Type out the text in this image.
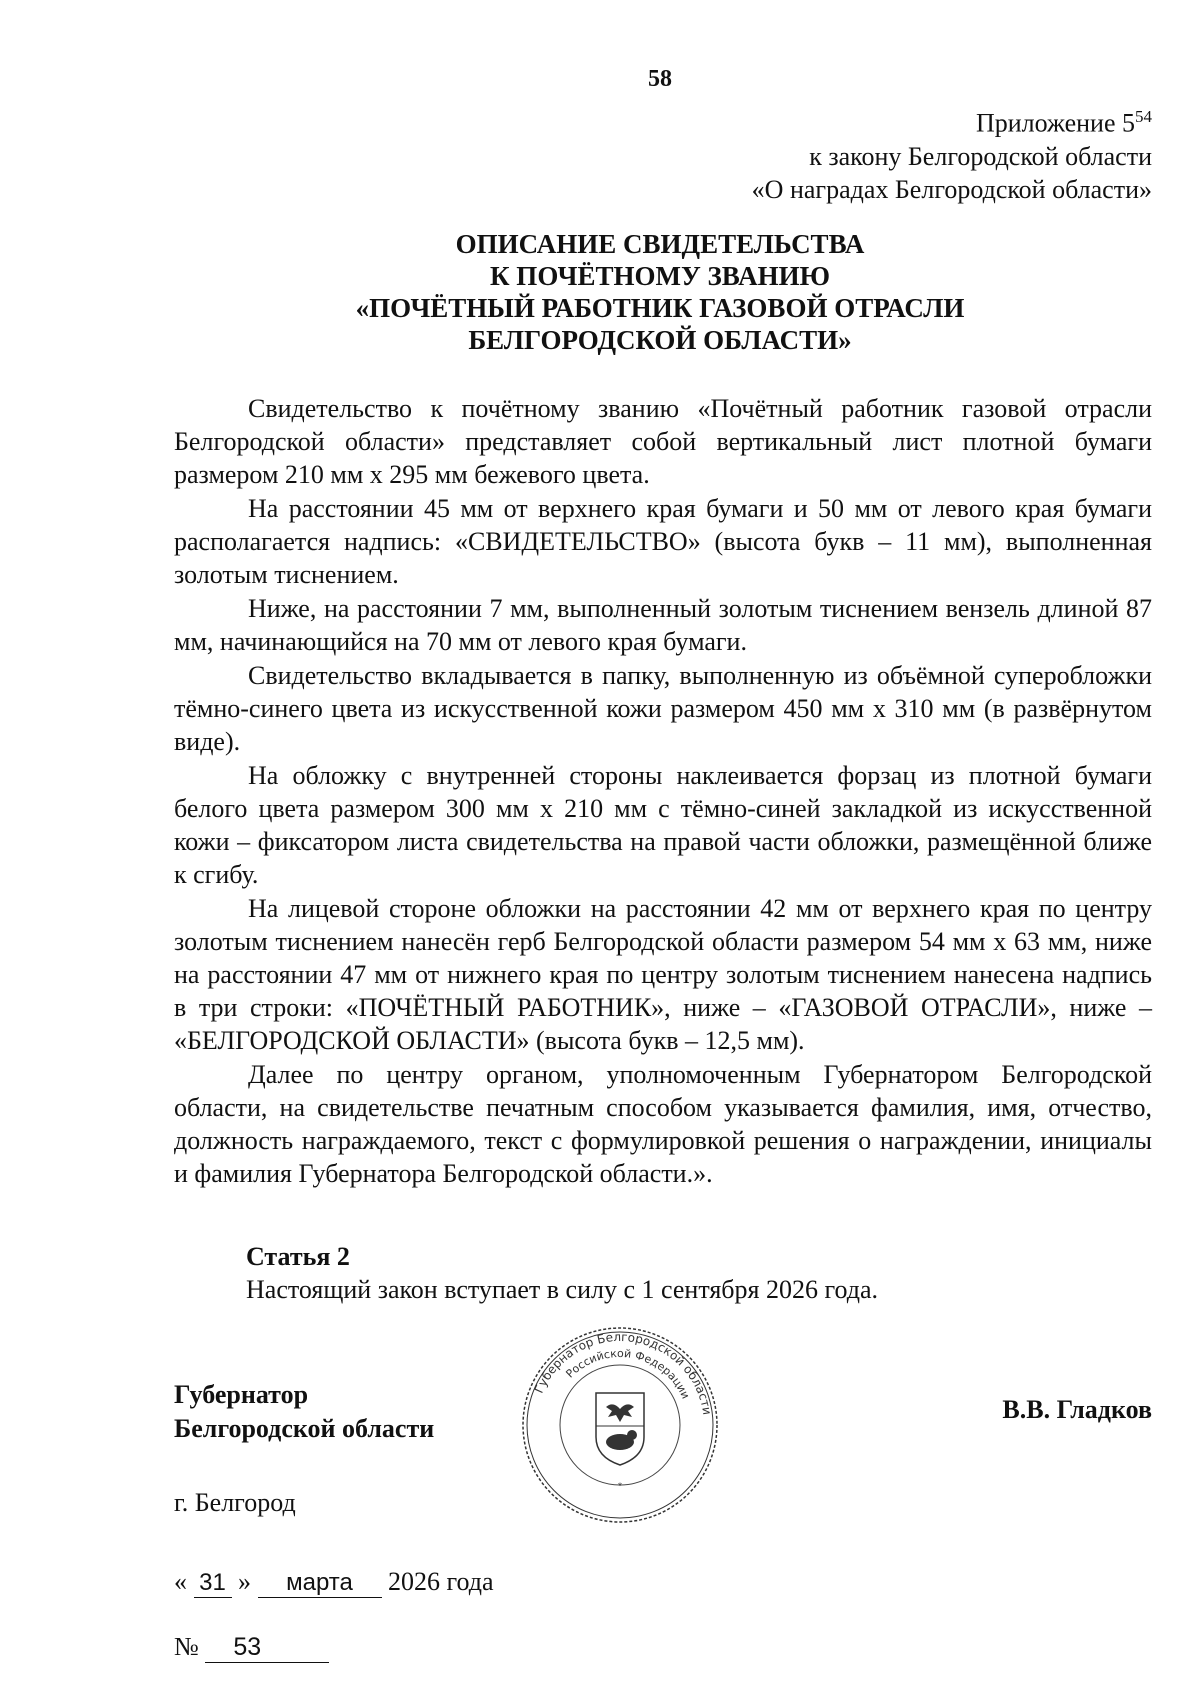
58
Приложение $5^{54}$
к закону Белгородской области
«О наградах Белгородской области»
ОПИСАНИЕ СВИДЕТЕЛЬСТВА
К ПОЧЁТНОМУ ЗВАНИЮ
«ПОЧЁТНЫЙ РАБОТНИК ГАЗОВОЙ ОТРАСЛИ
БЕЛГОРОДСКОЙ ОБЛАСТИ»

Свидетельство к почётному званию «Почётный работник газовой отрасли Белгородской области» представляет собой вертикальный лист плотной бумаги размером 210 мм x 295 мм бежевого цвета.

На расстоянии 45 мм от верхнего края бумаги и 50 мм от левого края бумаги располагается надпись: «СВИДЕТЕЛЬСТВО» (высота букв – 11 мм), выполненная золотым тиснением.

Ниже, на расстоянии 7 мм, выполненный золотым тиснением вензель длиной 87 мм, начинающийся на 70 мм от левого края бумаги.

Свидетельство вкладывается в папку, выполненную из объёмной суперобложки тёмно-синего цвета из искусственной кожи размером 450 мм x 310 мм (в развёрнутом виде).

На обложку с внутренней стороны наклеивается форзац из плотной бумаги белого цвета размером 300 мм x 210 мм с тёмно-синей закладкой из искусственной кожи – фиксатором листа свидетельства на правой части обложки, размещённой ближе к сгибу.

На лицевой стороне обложки на расстоянии 42 мм от верхнего края по центру золотым тиснением нанесён герб Белгородской области размером 54 мм x 63 мм, ниже на расстоянии 47 мм от нижнего края по центру золотым тиснением нанесена надпись в три строки: «ПОЧЁТНЫЙ РАБОТНИК», ниже – «ГАЗОВОЙ ОТРАСЛИ», ниже – «БЕЛГОРОДСКОЙ ОБЛАСТИ» (высота букв – 12,5 мм).

Далее по центру органом, уполномоченным Губернатором Белгородской области, на свидетельстве печатным способом указывается фамилия, имя, отчество, должность награждаемого, текст с формулировкой решения о награждении, инициалы и фамилия Губернатора Белгородской области.».

Статья 2
Настоящий закон вступает в силу с 1 сентября 2026 года.
Губернатор
Белгородской области
Губернатор Белгородской области
Российской Федерации
*
В.В. Гладков
г. Белгород
« 31 » марта 2026 года
№ 53
